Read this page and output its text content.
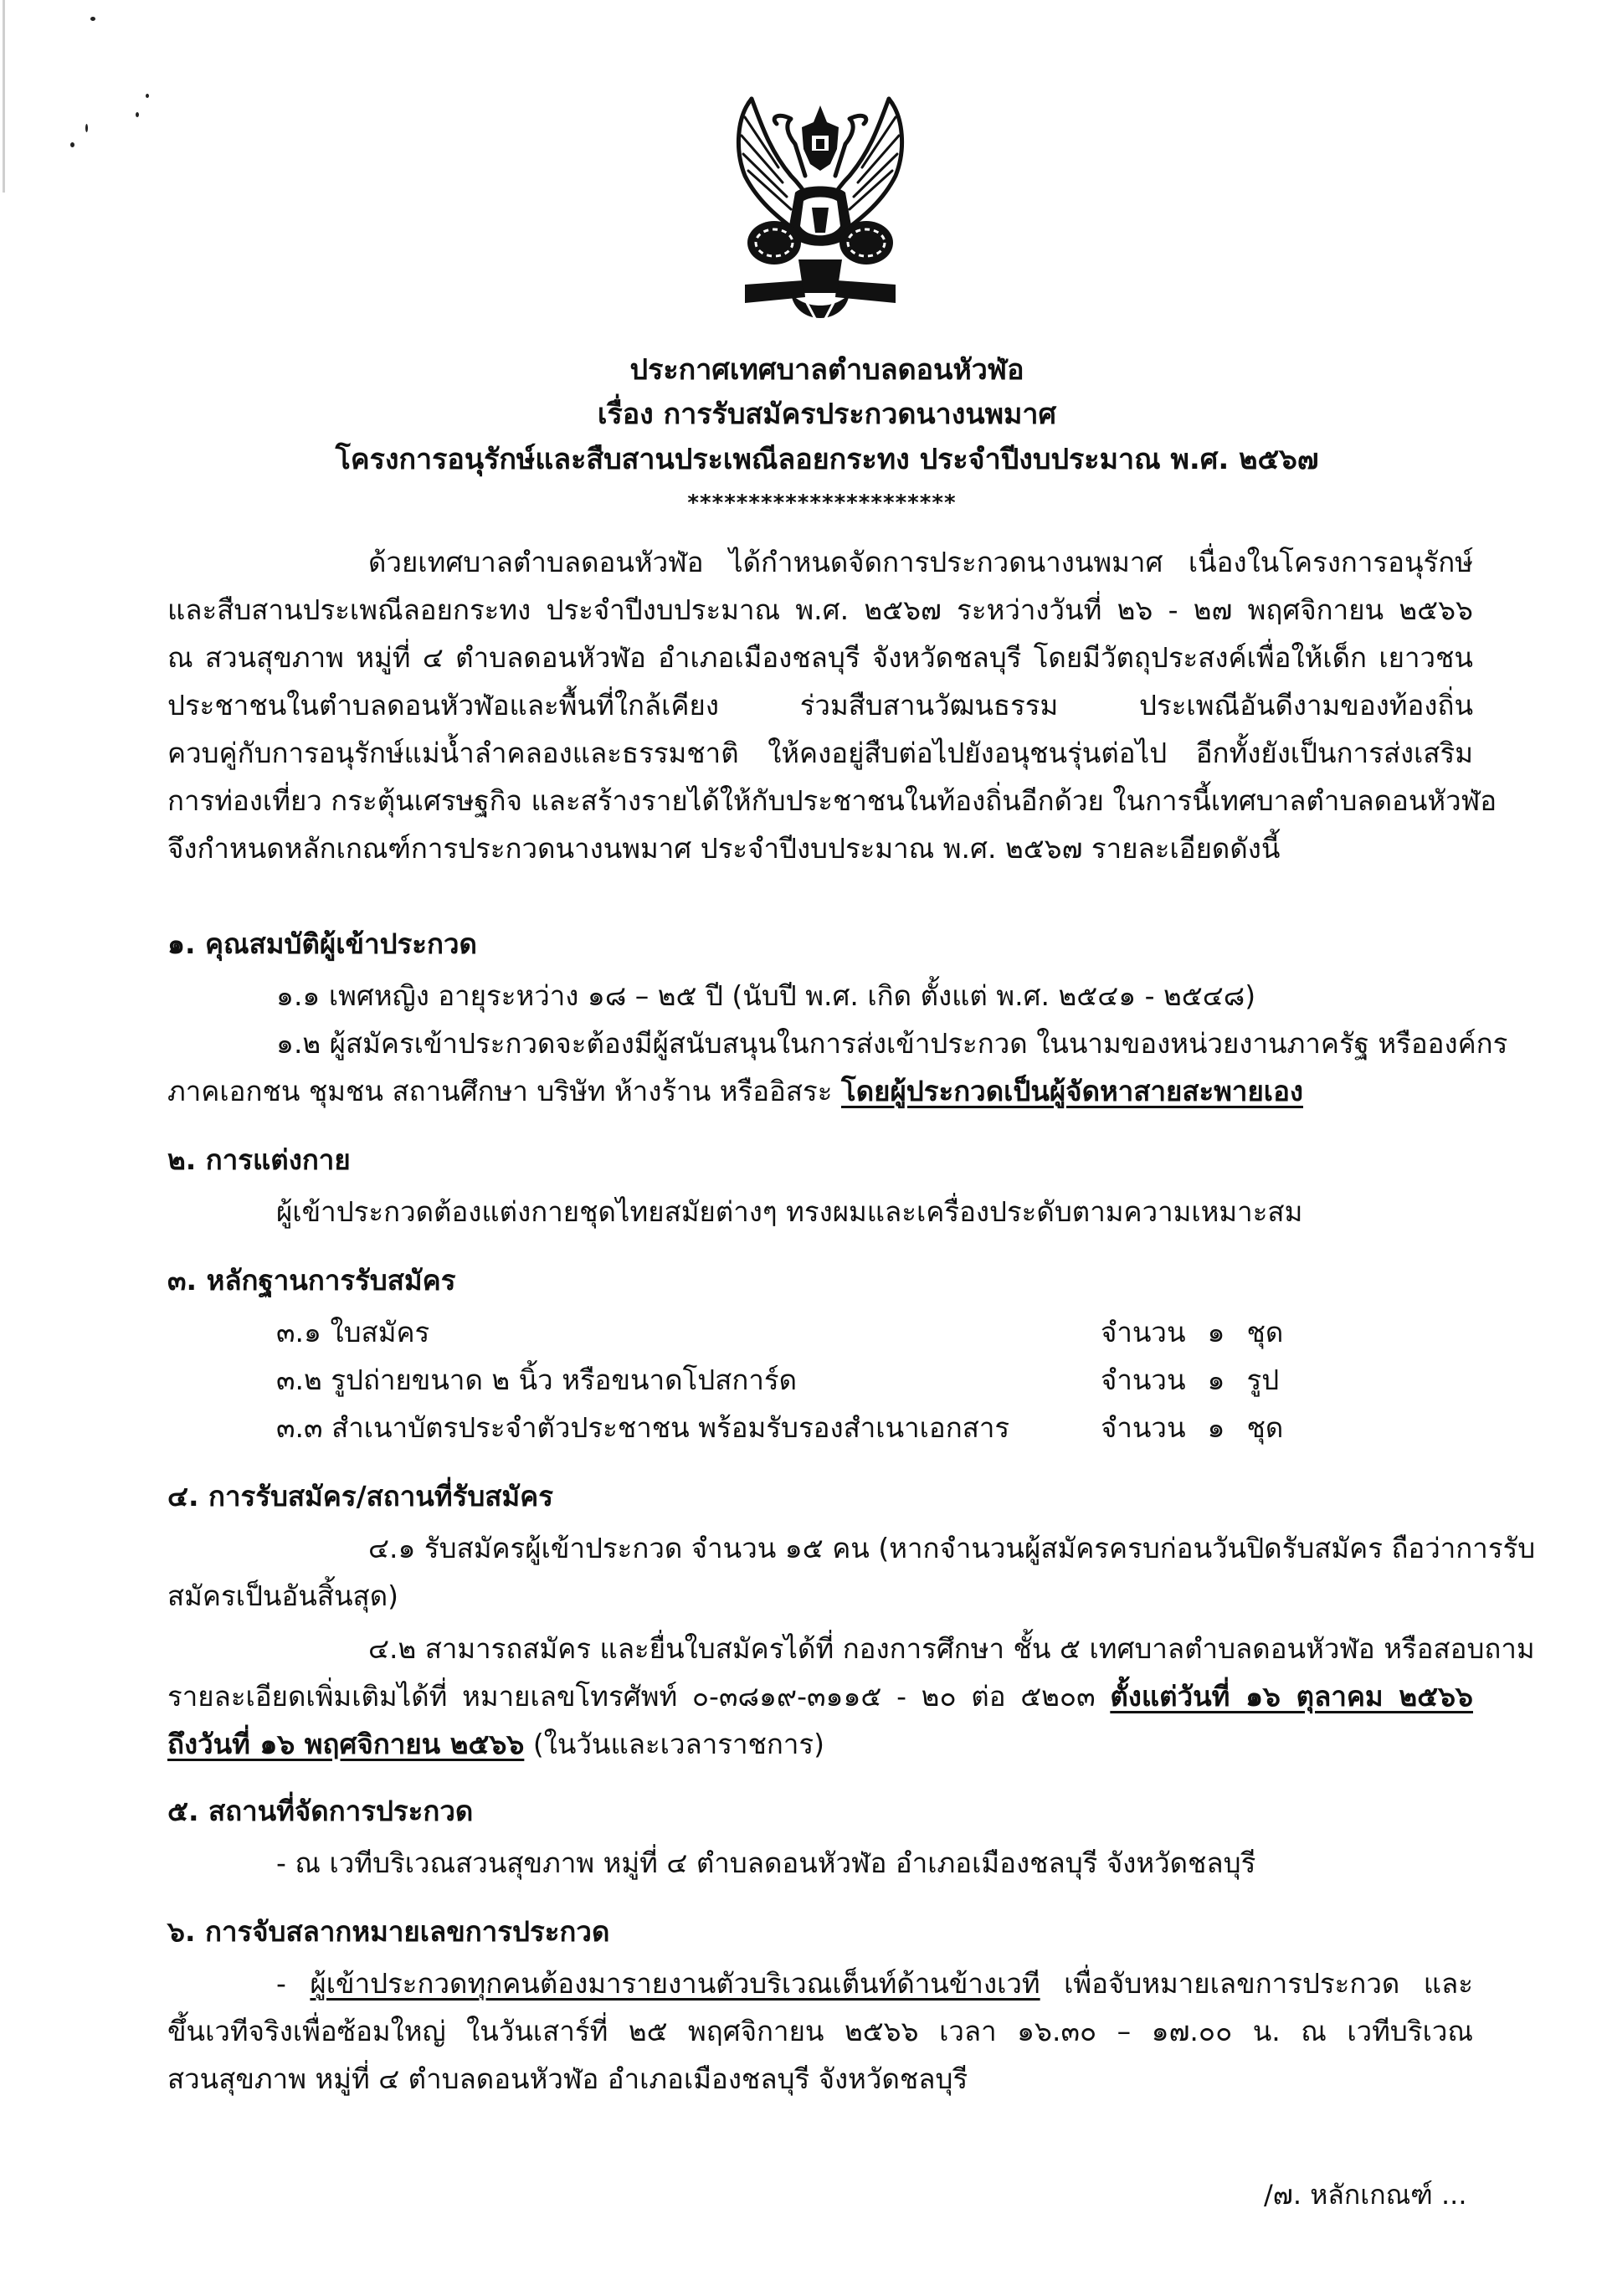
ประกาศเทศบาลตำบลดอนหัวฬ่อ
เรื่อง การรับสมัครประกวดนางนพมาศ
โครงการอนุรักษ์และสืบสานประเพณีลอยกระทง ประจำปีงบประมาณ พ.ศ. ๒๕๖๗
**********************
ด้วยเทศบาลตำบลดอนหัวฬ่อ ได้กำหนดจัดการประกวดนางนพมาศ เนื่องในโครงการอนุรักษ์
และสืบสานประเพณีลอยกระทง ประจำปีงบประมาณ พ.ศ. ๒๕๖๗ ระหว่างวันที่ ๒๖ - ๒๗ พฤศจิกายน ๒๕๖๖
ณ สวนสุขภาพ หมู่ที่ ๔ ตำบลดอนหัวฬ่อ อำเภอเมืองชลบุรี จังหวัดชลบุรี โดยมีวัตถุประสงค์เพื่อให้เด็ก เยาวชน
ประชาชนในตำบลดอนหัวฬ่อและพื้นที่ใกล้เคียง ร่วมสืบสานวัฒนธรรม ประเพณีอันดีงามของท้องถิ่น
ควบคู่กับการอนุรักษ์แม่น้ำลำคลองและธรรมชาติ ให้คงอยู่สืบต่อไปยังอนุชนรุ่นต่อไป อีกทั้งยังเป็นการส่งเสริม
การท่องเที่ยว กระตุ้นเศรษฐกิจ และสร้างรายได้ให้กับประชาชนในท้องถิ่นอีกด้วย ในการนี้เทศบาลตำบลดอนหัวฬ่อ
จึงกำหนดหลักเกณฑ์การประกวดนางนพมาศ ประจำปีงบประมาณ พ.ศ. ๒๕๖๗ รายละเอียดดังนี้
๑. คุณสมบัติผู้เข้าประกวด
๑.๑ เพศหญิง อายุระหว่าง ๑๘ – ๒๕ ปี (นับปี พ.ศ. เกิด ตั้งแต่ พ.ศ. ๒๕๔๑ - ๒๕๔๘)
๑.๒ ผู้สมัครเข้าประกวดจะต้องมีผู้สนับสนุนในการส่งเข้าประกวด ในนามของหน่วยงานภาครัฐ หรือองค์กร
ภาคเอกชน ชุมชน สถานศึกษา บริษัท ห้างร้าน หรืออิสระ โดยผู้ประกวดเป็นผู้จัดหาสายสะพายเอง
๒. การแต่งกาย
ผู้เข้าประกวดต้องแต่งกายชุดไทยสมัยต่างๆ ทรงผมและเครื่องประดับตามความเหมาะสม
๓. หลักฐานการรับสมัคร
๓.๑ ใบสมัคร	จำนวน ๑ ชุด
๓.๒ รูปถ่ายขนาด ๒ นิ้ว หรือขนาดโปสการ์ด	จำนวน ๑ รูป
๓.๓ สำเนาบัตรประจำตัวประชาชน พร้อมรับรองสำเนาเอกสาร	จำนวน ๑ ชุด
๔. การรับสมัคร/สถานที่รับสมัคร
๔.๑ รับสมัครผู้เข้าประกวด จำนวน ๑๕ คน (หากจำนวนผู้สมัครครบก่อนวันปิดรับสมัคร ถือว่าการรับ
สมัครเป็นอันสิ้นสุด)
๔.๒ สามารถสมัคร และยื่นใบสมัครได้ที่ กองการศึกษา ชั้น ๕ เทศบาลตำบลดอนหัวฬ่อ หรือสอบถาม
รายละเอียดเพิ่มเติมได้ที่ หมายเลขโทรศัพท์ ๐-๓๘๑๙-๓๑๑๕ - ๒๐ ต่อ ๕๒๐๓ ตั้งแต่วันที่ ๑๖ ตุลาคม ๒๕๖๖
ถึงวันที่ ๑๖ พฤศจิกายน ๒๕๖๖ (ในวันและเวลาราชการ)
๕. สถานที่จัดการประกวด
- ณ เวทีบริเวณสวนสุขภาพ หมู่ที่ ๔ ตำบลดอนหัวฬ่อ อำเภอเมืองชลบุรี จังหวัดชลบุรี
๖. การจับสลากหมายเลขการประกวด
- ผู้เข้าประกวดทุกคนต้องมารายงานตัวบริเวณเต็นท์ด้านข้างเวที เพื่อจับหมายเลขการประกวด และ
ขึ้นเวทีจริงเพื่อซ้อมใหญ่ ในวันเสาร์ที่ ๒๕ พฤศจิกายน ๒๕๖๖ เวลา ๑๖.๓๐ – ๑๗.๐๐ น. ณ เวทีบริเวณ
สวนสุขภาพ หมู่ที่ ๔ ตำบลดอนหัวฬ่อ อำเภอเมืองชลบุรี จังหวัดชลบุรี
/๗. หลักเกณฑ์ ...
